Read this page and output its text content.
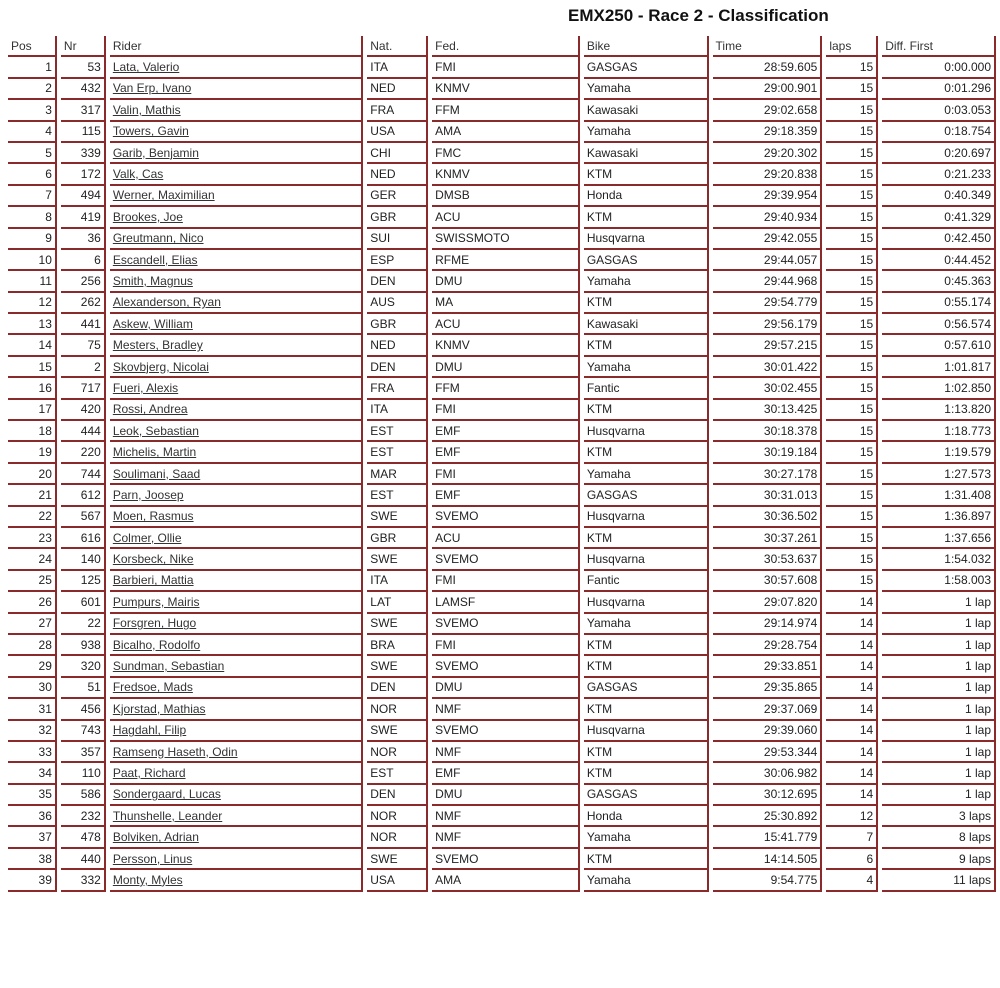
EMX250 - Race 2 - Classification
Pos	Nr	Rider	Nat.	Fed.	Bike	Time	laps	Diff. First
1	53	Lata, Valerio	ITA	FMI	GASGAS	28:59.605	15	0:00.000
2	432	Van Erp, Ivano	NED	KNMV	Yamaha	29:00.901	15	0:01.296
3	317	Valin, Mathis	FRA	FFM	Kawasaki	29:02.658	15	0:03.053
4	115	Towers, Gavin	USA	AMA	Yamaha	29:18.359	15	0:18.754
5	339	Garib, Benjamin	CHI	FMC	Kawasaki	29:20.302	15	0:20.697
6	172	Valk, Cas	NED	KNMV	KTM	29:20.838	15	0:21.233
7	494	Werner, Maximilian	GER	DMSB	Honda	29:39.954	15	0:40.349
8	419	Brookes, Joe	GBR	ACU	KTM	29:40.934	15	0:41.329
9	36	Greutmann, Nico	SUI	SWISSMOTO	Husqvarna	29:42.055	15	0:42.450
10	6	Escandell, Elias	ESP	RFME	GASGAS	29:44.057	15	0:44.452
11	256	Smith, Magnus	DEN	DMU	Yamaha	29:44.968	15	0:45.363
12	262	Alexanderson, Ryan	AUS	MA	KTM	29:54.779	15	0:55.174
13	441	Askew, William	GBR	ACU	Kawasaki	29:56.179	15	0:56.574
14	75	Mesters, Bradley	NED	KNMV	KTM	29:57.215	15	0:57.610
15	2	Skovbjerg, Nicolai	DEN	DMU	Yamaha	30:01.422	15	1:01.817
16	717	Fueri, Alexis	FRA	FFM	Fantic	30:02.455	15	1:02.850
17	420	Rossi, Andrea	ITA	FMI	KTM	30:13.425	15	1:13.820
18	444	Leok, Sebastian	EST	EMF	Husqvarna	30:18.378	15	1:18.773
19	220	Michelis, Martin	EST	EMF	KTM	30:19.184	15	1:19.579
20	744	Soulimani, Saad	MAR	FMI	Yamaha	30:27.178	15	1:27.573
21	612	Parn, Joosep	EST	EMF	GASGAS	30:31.013	15	1:31.408
22	567	Moen, Rasmus	SWE	SVEMO	Husqvarna	30:36.502	15	1:36.897
23	616	Colmer, Ollie	GBR	ACU	KTM	30:37.261	15	1:37.656
24	140	Korsbeck, Nike	SWE	SVEMO	Husqvarna	30:53.637	15	1:54.032
25	125	Barbieri, Mattia	ITA	FMI	Fantic	30:57.608	15	1:58.003
26	601	Pumpurs, Mairis	LAT	LAMSF	Husqvarna	29:07.820	14	1 lap
27	22	Forsgren, Hugo	SWE	SVEMO	Yamaha	29:14.974	14	1 lap
28	938	Bicalho, Rodolfo	BRA	FMI	KTM	29:28.754	14	1 lap
29	320	Sundman, Sebastian	SWE	SVEMO	KTM	29:33.851	14	1 lap
30	51	Fredsoe, Mads	DEN	DMU	GASGAS	29:35.865	14	1 lap
31	456	Kjorstad, Mathias	NOR	NMF	KTM	29:37.069	14	1 lap
32	743	Hagdahl, Filip	SWE	SVEMO	Husqvarna	29:39.060	14	1 lap
33	357	Ramseng Haseth, Odin	NOR	NMF	KTM	29:53.344	14	1 lap
34	110	Paat, Richard	EST	EMF	KTM	30:06.982	14	1 lap
35	586	Sondergaard, Lucas	DEN	DMU	GASGAS	30:12.695	14	1 lap
36	232	Thunshelle, Leander	NOR	NMF	Honda	25:30.892	12	3 laps
37	478	Bolviken, Adrian	NOR	NMF	Yamaha	15:41.779	7	8 laps
38	440	Persson, Linus	SWE	SVEMO	KTM	14:14.505	6	9 laps
39	332	Monty, Myles	USA	AMA	Yamaha	9:54.775	4	11 laps
